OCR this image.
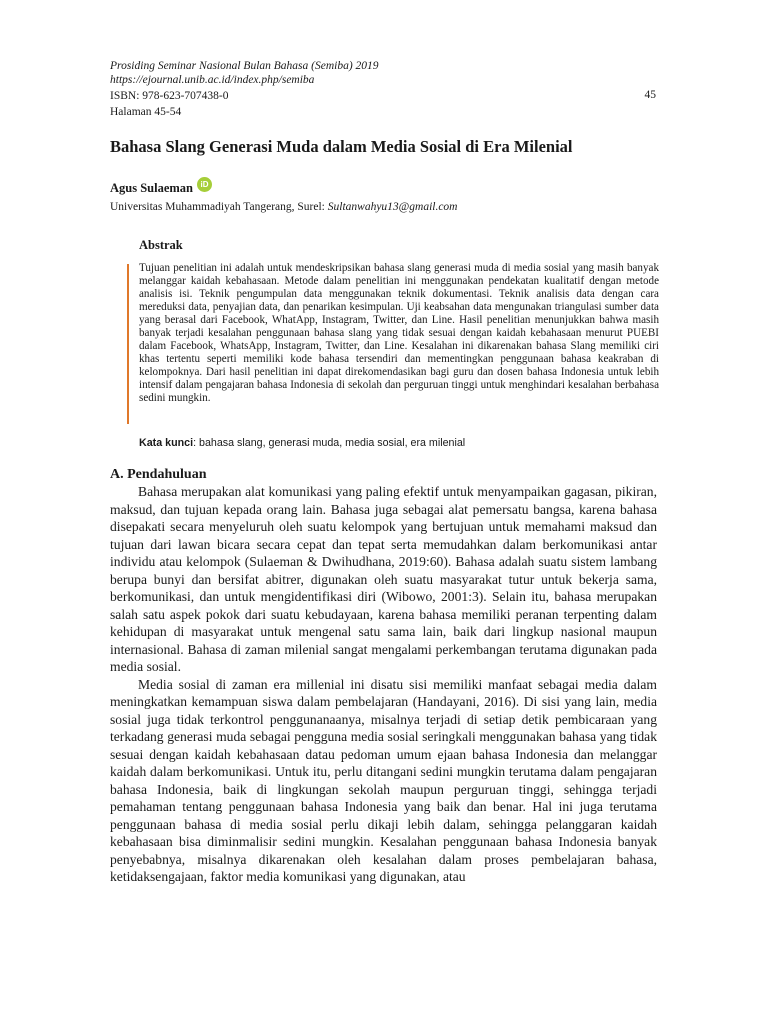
Prosiding Seminar Nasional Bulan Bahasa (Semiba) 2019
https://ejournal.unib.ac.id/index.php/semiba
ISBN: 978-623-707438-0
Halaman 45-54
45
Bahasa Slang Generasi Muda dalam Media Sosial di Era Milenial
Agus Sulaeman iD
Universitas Muhammadiyah Tangerang, Surel: Sultanwahyu13@gmail.com
Abstrak
Tujuan penelitian ini adalah untuk mendeskripsikan bahasa slang generasi muda di media sosial yang masih banyak melanggar kaidah kebahasaan. Metode dalam penelitian ini menggunakan pendekatan kualitatif dengan metode analisis isi. Teknik pengumpulan data menggunakan teknik dokumentasi. Teknik analisis data dengan cara mereduksi data, penyajian data, dan penarikan kesimpulan. Uji keabsahan data mengunakan triangulasi sumber data yang berasal dari Facebook, WhatApp, Instagram, Twitter, dan Line. Hasil penelitian menunjukkan bahwa masih banyak terjadi kesalahan penggunaan bahasa slang yang tidak sesuai dengan kaidah kebahasaan menurut PUEBI dalam Facebook, WhatsApp, Instagram, Twitter, dan Line. Kesalahan ini dikarenakan bahasa Slang memiliki ciri khas tertentu seperti memiliki kode bahasa tersendiri dan mementingkan penggunaan bahasa keakraban di kelompoknya. Dari hasil penelitian ini dapat direkomendasikan bagi guru dan dosen bahasa Indonesia untuk lebih intensif dalam pengajaran bahasa Indonesia di sekolah dan perguruan tinggi untuk menghindari kesalahan berbahasa sedini mungkin.
Kata kunci: bahasa slang, generasi muda, media sosial, era milenial
A. Pendahuluan

Bahasa merupakan alat komunikasi yang paling efektif untuk menyampaikan gagasan, pikiran, maksud, dan tujuan kepada orang lain. Bahasa juga sebagai alat pemersatu bangsa, karena bahasa disepakati secara menyeluruh oleh suatu kelompok yang bertujuan untuk memahami maksud dan tujuan dari lawan bicara secara cepat dan tepat serta memudahkan dalam berkomunikasi antar individu atau kelompok (Sulaeman & Dwihudhana, 2019:60). Bahasa adalah suatu sistem lambang berupa bunyi dan bersifat abitrer, digunakan oleh suatu masyarakat tutur untuk bekerja sama, berkomunikasi, dan untuk mengidentifikasi diri (Wibowo, 2001:3). Selain itu, bahasa merupakan salah satu aspek pokok dari suatu kebudayaan, karena bahasa memiliki peranan terpenting dalam kehidupan di masyarakat untuk mengenal satu sama lain, baik dari lingkup nasional maupun internasional. Bahasa di zaman milenial sangat mengalami perkembangan terutama digunakan pada media sosial.

Media sosial di zaman era millenial ini disatu sisi memiliki manfaat sebagai media dalam meningkatkan kemampuan siswa dalam pembelajaran (Handayani, 2016). Di sisi yang lain, media sosial juga tidak terkontrol penggunanaanya, misalnya terjadi di setiap detik pembicaraan yang terkadang generasi muda sebagai pengguna media sosial seringkali menggunakan bahasa yang tidak sesuai dengan kaidah kebahasaan datau pedoman umum ejaan bahasa Indonesia dan melanggar kaidah dalam berkomunikasi. Untuk itu, perlu ditangani sedini mungkin terutama dalam pengajaran bahasa Indonesia, baik di lingkungan sekolah maupun perguruan tinggi, sehingga terjadi pemahaman tentang penggunaan bahasa Indonesia yang baik dan benar. Hal ini juga terutama penggunaan bahasa di media sosial perlu dikaji lebih dalam, sehingga pelanggaran kaidah kebahasaan bisa diminmalisir sedini mungkin. Kesalahan penggunaan bahasa Indonesia banyak penyebabnya, misalnya dikarenakan oleh kesalahan dalam proses pembelajaran bahasa, ketidaksengajaan, faktor media komunikasi yang digunakan, atau
